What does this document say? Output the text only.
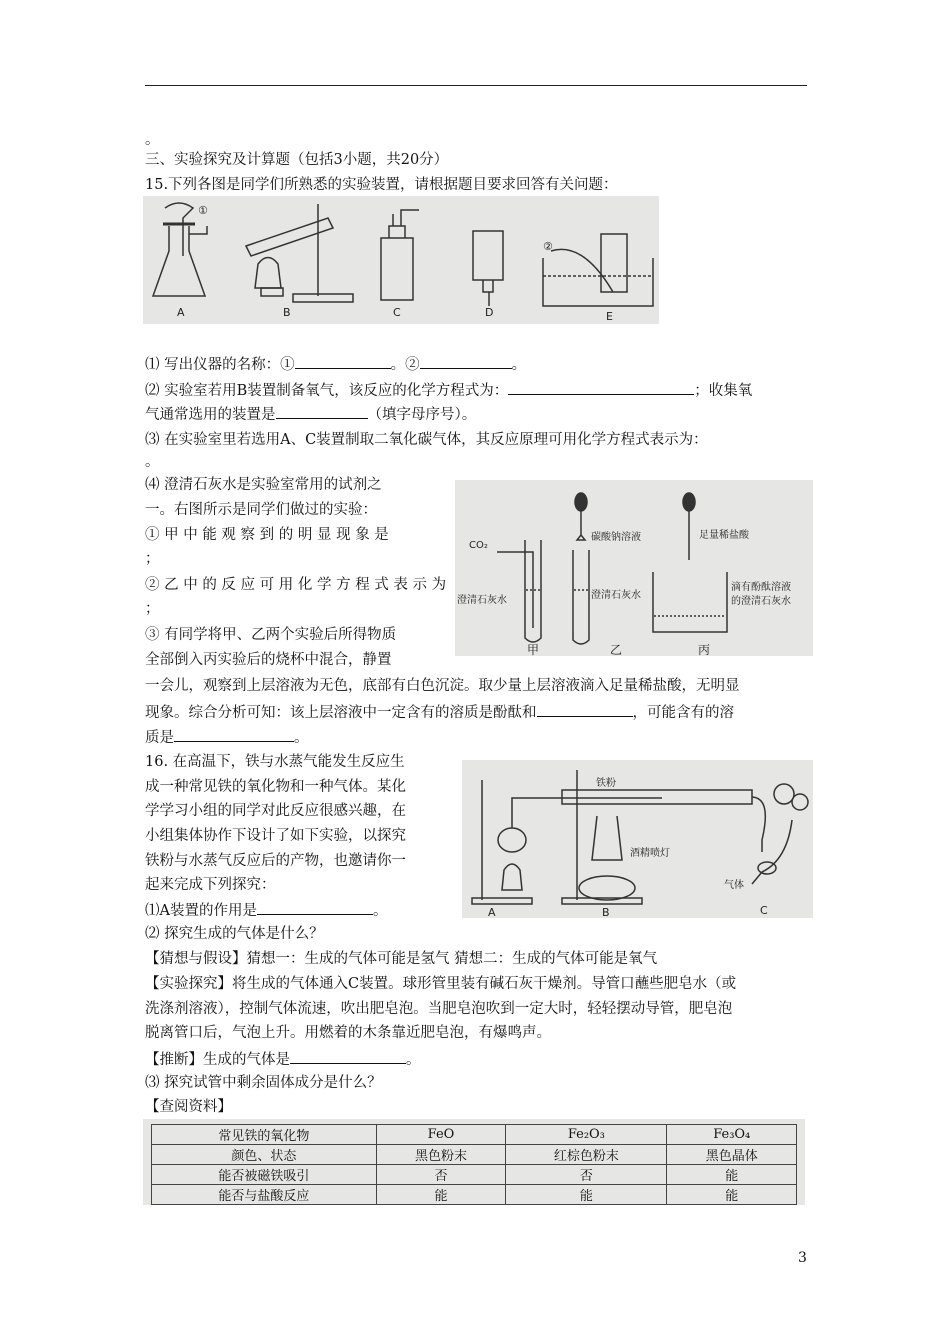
。
三、实验探究及计算题（包括3小题，共20分）
15.下列各图是同学们所熟悉的实验装置，请根据题目要求回答有关问题：
A	B	C	D	E
①
②
⑴ 写出仪器的名称：①	。②	。
⑵ 实验室若用B装置制备氧气，该反应的化学方程式为：	；收集氧
气通常选用的装置是	（填字母序号）。
⑶ 在实验室里若选用A、C装置制取二氧化碳气体，其反应原理可用化学方程式表示为：
。
⑷ 澄清石灰水是实验室常用的试剂之
一。右图所示是同学们做过的实验：
① 甲 中 能 观 察 到 的 明 显 现 象 是
；
② 乙 中 的 反 应 可 用 化 学 方 程 式 表 示 为
；
③ 有同学将甲、乙两个实验后所得物质
全部倒入丙实验后的烧杯中混合，静置
一会儿，观察到上层溶液为无色，底部有白色沉淀。取少量上层溶液滴入足量稀盐酸，无明显
现象。综合分析可知：该上层溶液中一定含有的溶质是酚酞和	，可能含有的溶
质是	。
CO₂
澄清石灰水
碳酸钠溶液
澄清石灰水
足量稀盐酸
滴有酚酞溶液
的澄清石灰水
甲	乙	丙
16. 在高温下，铁与水蒸气能发生反应生
成一种常见铁的氧化物和一种气体。某化
学学习小组的同学对此反应很感兴趣，在
小组集体协作下设计了如下实验，以探究
铁粉与水蒸气反应后的产物，也邀请你一
起来完成下列探究：
⑴A装置的作用是	。
⑵ 探究生成的气体是什么？
铁粉
酒精喷灯
气体
A	B	C
【猜想与假设】猜想一：生成的气体可能是氢气 猜想二：生成的气体可能是氧气
【实验探究】将生成的气体通入C装置。球形管里装有碱石灰干燥剂。导管口蘸些肥皂水（或
洗涤剂溶液），控制气体流速，吹出肥皂泡。当肥皂泡吹到一定大时，轻轻摆动导管，肥皂泡
脱离管口后，气泡上升。用燃着的木条靠近肥皂泡，有爆鸣声。
【推断】生成的气体是	。
⑶ 探究试管中剩余固体成分是什么？
【查阅资料】
常见铁的氧化物	FeO	Fe₂O₃	Fe₃O₄
颜色、状态	黑色粉末	红棕色粉末	黑色晶体
能否被磁铁吸引	否	否	能
能否与盐酸反应	能	能	能
3
